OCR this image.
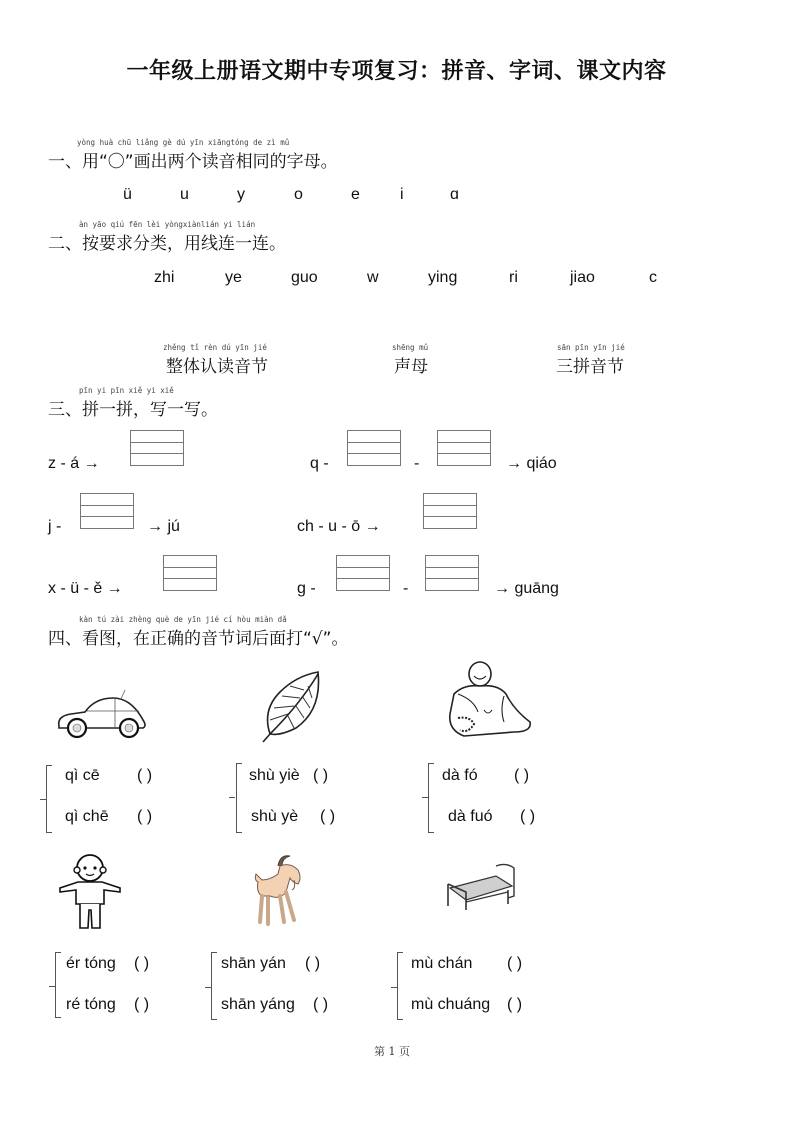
一年级上册语文期中专项复习：拼音、字词、课文内容
yòng huà chū liǎng gè dú yīn xiāngtóng de zì mǔ
一、用“〇”画出两个读音相同的字母。
ü	u	y	o	e	i	ɑ
àn yāo qiú fēn lèi yòngxiànlián yi lián
二、按要求分类，用线连一连。
zhi	ye	ɡuo	w	yinɡ	ri	jiao	c
zhěng tǐ rèn dú yīn jié
整体认读音节
shēng mǔ
声母
sān pīn yīn jié
三拼音节
pīn yi pīn xiě yi xiě
三、拼一拼，写一写。
z - á →	q -	-	→ qiáo
j -	→ jú	ch - u - ō →
x - ü - ě →	ɡ -	-	→ ɡuānɡ
kàn tú zài zhèng què de yīn jié cí hòu miàn dǎ
四、看图，在正确的音节词后面打“√”。
qì cē ( )
qì chē ( )
shù yiè ( )
shù yè ( )
dà fó ( )
dà fuó ( )
ér tónɡ ( )
ré tónɡ ( )
shān yán ( )
shān yánɡ ( )
mù chán ( )
mù chuánɡ ( )
第 1 页
